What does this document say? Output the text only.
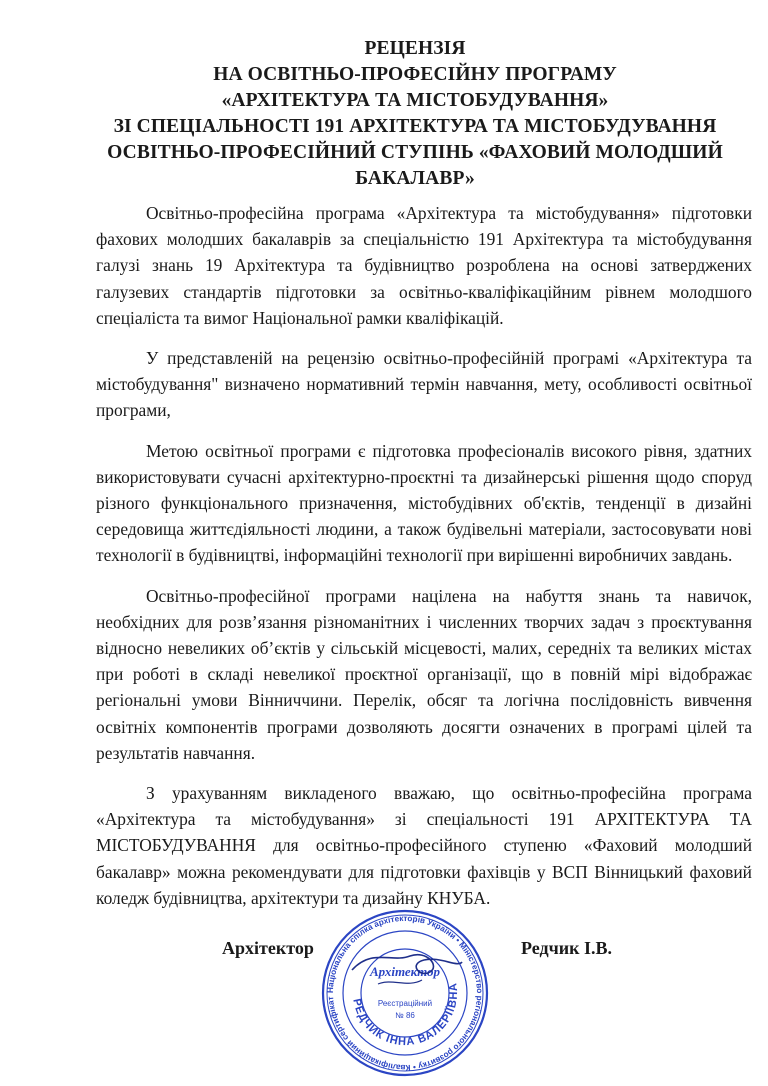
РЕЦЕНЗІЯ
НА ОСВІТНЬО-ПРОФЕСІЙНУ ПРОГРАМУ
«АРХІТЕКТУРА ТА МІСТОБУДУВАННЯ»
ЗІ СПЕЦІАЛЬНОСТІ 191 АРХІТЕКТУРА ТА МІСТОБУДУВАННЯ
ОСВІТНЬО-ПРОФЕСІЙНИЙ СТУПІНЬ «ФАХОВИЙ МОЛОДШИЙ
БАКАЛАВР»

Освітньо-професійна програма «Архітектура та містобудування» підготовки фахових молодших бакалаврів за спеціальністю 191 Архітектура та містобудування галузі знань 19 Архітектура та будівництво розроблена на основі затверджених галузевих стандартів підготовки за освітньо-кваліфікаційним рівнем молодшого спеціаліста та вимог Національної рамки кваліфікацій.

У представленій на рецензію освітньо-професійній програмі «Архітектура та містобудування" визначено нормативний термін навчання, мету, особливості освітньої програми,

Метою освітньої програми є підготовка професіоналів високого рівня, здатних використовувати сучасні архітектурно-проєктні та дизайнерські рішення щодо споруд різного функціонального призначення, містобудівних об'єктів, тенденції в дизайні середовища життєдіяльності людини, а також будівельні матеріали, застосовувати нові технології в будівництві, інформаційні технології при вирішенні виробничих завдань.

Освітньо-професійної програми націлена на набуття знань та навичок, необхідних для розв’язання різноманітних і численних творчих задач з проєктування відносно невеликих об’єктів у сільській місцевості, малих, середніх та великих містах при роботі в складі невеликої проєктної організації, що в повній мірі відображає регіональні умови Вінниччини. Перелік, обсяг та логічна послідовність вивчення освітніх компонентів програми дозволяють досягти означених в програмі цілей та результатів навчання.

З урахуванням викладеного вважаю, що освітньо-професійна програма «Архітектура та містобудування» зі спеціальності 191 АРХІТЕКТУРА ТА МІСТОБУДУВАННЯ для освітньо-професійного ступеню «Фаховий молодший бакалавр» можна рекомендувати для підготовки фахівців у ВСП Вінницький фаховий коледж будівництва, архітектури та дизайну КНУБА.

Архітектор	Редчик І.В.
Національна спілка архітекторів України • Міністерство регіонального розвитку • Кваліфікаційний сертифікат	РЕДЧИК ІННА ВАЛЕРІЇВНА
Архітектор
Реєстраційний
№ 86
